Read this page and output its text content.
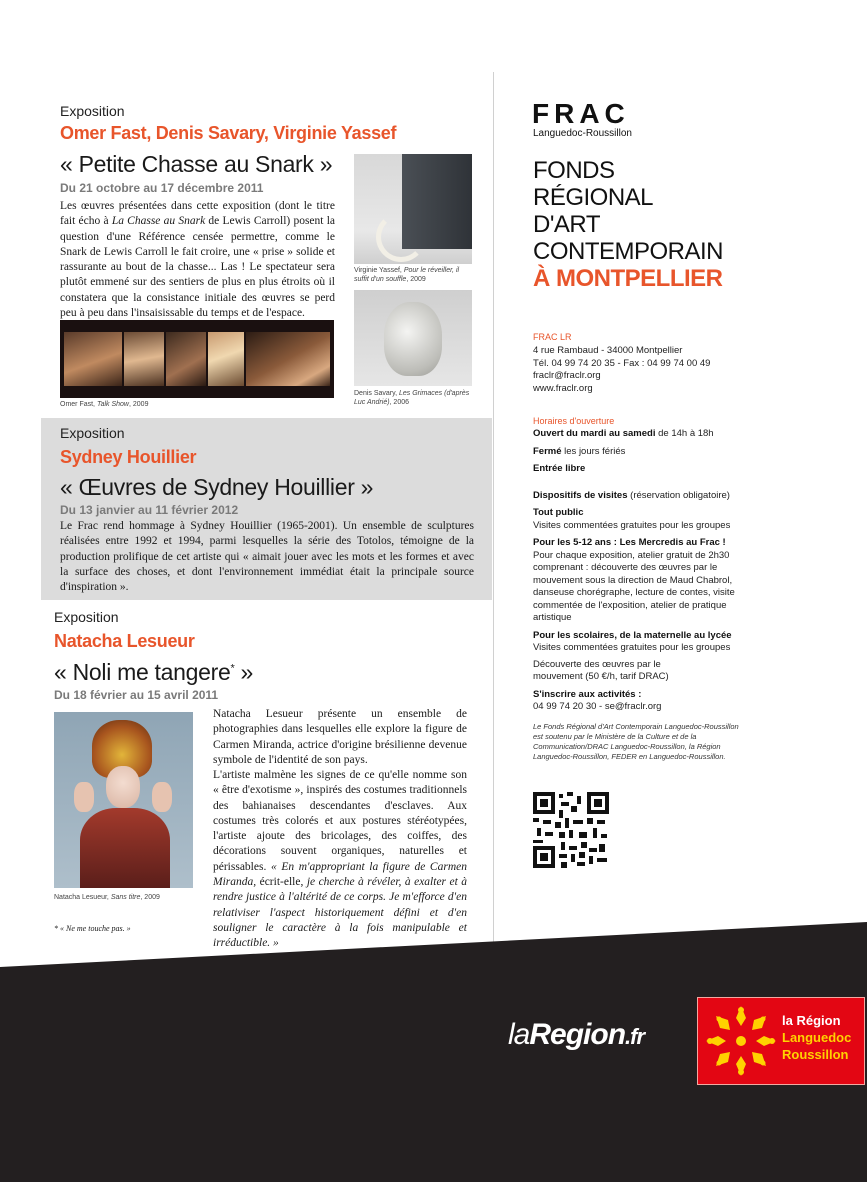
Exposition
Omer Fast, Denis Savary, Virginie Yassef
« Petite Chasse au Snark »
Du 21 octobre au 17 décembre 2011
Les œuvres présentées dans cette exposition (dont le titre fait écho à La Chasse au Snark de Lewis Carroll) posent la question d'une Référence censée permettre, comme le Snark de Lewis Carroll le fait croire, une « prise » solide et rassurante au bout de la chasse... Las ! Le spectateur sera plutôt emmené sur des sentiers de plus en plus étroits où il constatera que la consistance initiale des œuvres se perd peu à peu dans l'insaisissable du temps et de l'espace.
Omer Fast, Talk Show, 2009
Virginie Yassef, Pour le réveiller, il suffit d'un souffle, 2009
Denis Savary, Les Grimaces (d'après Luc Andrié), 2006
Exposition
Sydney Houillier
« Œuvres de Sydney Houillier »
Du 13 janvier au 11 février 2012
Le Frac rend hommage à Sydney Houillier (1965-2001). Un ensemble de sculptures réalisées entre 1992 et 1994, parmi lesquelles la série des Totolos, témoigne de la production prolifique de cet artiste qui « aimait jouer avec les mots et les formes et avec la surface des choses, et dont l'environnement immédiat était la principale source d'inspiration ».
Exposition
Natacha Lesueur
« Noli me tangere* »
Du 18 février au 15 avril 2011
Natacha Lesueur, Sans titre, 2009
Natacha Lesueur présente un ensemble de photographies dans lesquelles elle explore la figure de Carmen Miranda, actrice d'origine brésilienne devenue symbole de l'identité de son pays.
L'artiste malmène les signes de ce qu'elle nomme son « être d'exotisme », inspirés des costumes traditionnels des bahianaises descendantes d'esclaves. Aux costumes très colorés et aux postures stéréotypées, l'artiste ajoute des bricolages, des coiffes, des décorations souvent organiques, naturelles et périssables. « En m'appropriant la figure de Carmen Miranda, écrit-elle, je cherche à révéler, à exalter et à rendre justice à l'altérité de ce corps. Je m'efforce d'en relativiser l'aspect historiquement défini et d'en souligner le caractère à la fois manipulable et irréductible. »
* « Ne me touche pas. »
FRAC
Languedoc-Roussillon
FONDS
RÉGIONAL
D'ART
CONTEMPORAIN
À MONTPELLIER
FRAC LR
4 rue Rambaud - 34000 Montpellier
Tél. 04 99 74 20 35 - Fax : 04 99 74 00 49
fraclr@fraclr.org
www.fraclr.org
Horaires d'ouverture
Ouvert du mardi au samedi de 14h à 18h
Fermé les jours fériés
Entrée libre
Dispositifs de visites (réservation obligatoire)
Tout public
Visites commentées gratuites pour les groupes
Pour les 5-12 ans : Les Mercredis au Frac !
Pour chaque exposition, atelier gratuit de 2h30 comprenant : découverte des œuvres par le mouvement sous la direction de Maud Chabrol, danseuse chorégraphe, lecture de contes, visite commentée de l'exposition, atelier de pratique artistique
Pour les scolaires, de la maternelle au lycée
Visites commentées gratuites pour les groupes
Découverte des œuvres par le mouvement (50 €/h, tarif DRAC)
S'inscrire aux activités :
04 99 74 20 30 - se@fraclr.org
Le Fonds Régional d'Art Contemporain Languedoc-Roussillon est soutenu par le Ministère de la Culture et de la Communication/DRAC Languedoc-Roussillon, la Région Languedoc-Roussillon, FEDER en Languedoc-Roussillon.
laRegion.fr
la Région
Languedoc
Roussillon
